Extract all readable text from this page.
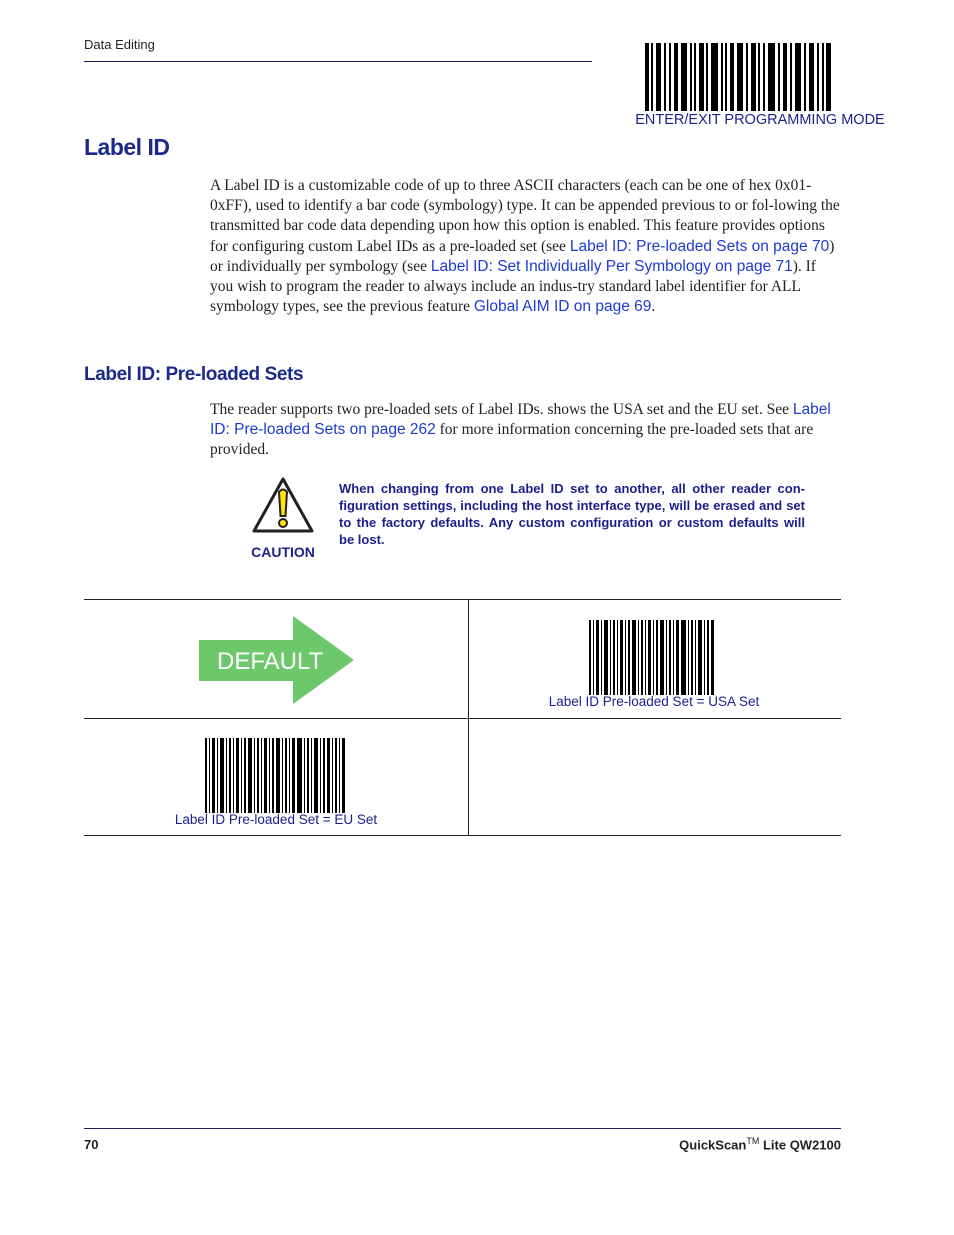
Data Editing
ENTER/EXIT PROGRAMMING MODE
Label ID
A Label ID is a customizable code of up to three ASCII characters (each can be one of hex 0x01-0xFF), used to identify a bar code (symbology) type. It can be appended previous to or fol-lowing the transmitted bar code data depending upon how this option is enabled. This feature provides options for configuring custom Label IDs as a pre-loaded set (see Label ID: Pre-loaded Sets on page 70) or individually per symbology (see Label ID: Set Individually Per Symbology on page 71). If you wish to program the reader to always include an indus-try standard label identifier for ALL symbology types, see the previous feature Global AIM ID on page 69.
Label ID: Pre-loaded Sets
The reader supports two pre-loaded sets of Label IDs. shows the USA set and the EU set. See Label ID: Pre-loaded Sets on page 262 for more information concerning the pre-loaded sets that are provided.
CAUTION
When changing from one Label ID set to another, all other reader con-figuration settings, including the host interface type, will be erased and set to the factory defaults. Any custom configuration or custom defaults will be lost.
DEFAULT
Label ID Pre-loaded Set = USA Set
Label ID Pre-loaded Set = EU Set
70	QuickScan™ Lite QW2100
